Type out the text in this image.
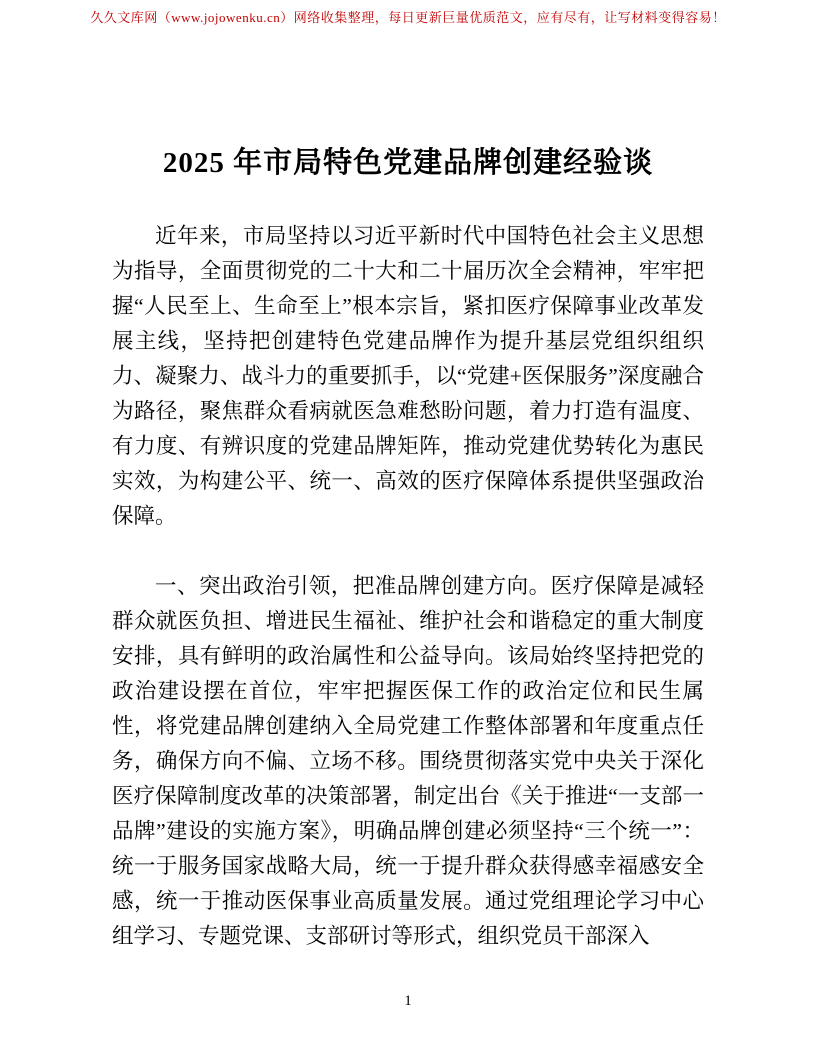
久久文库网（www.jojowenku.cn）网络收集整理，每日更新巨量优质范文，应有尽有，让写材料变得容易！
2025 年市局特色党建品牌创建经验谈

近年来，市局坚持以习近平新时代中国特色社会主义思想为指导，全面贯彻党的二十大和二十届历次全会精神，牢牢把握“人民至上、生命至上”根本宗旨，紧扣医疗保障事业改革发展主线，坚持把创建特色党建品牌作为提升基层党组织组织力、凝聚力、战斗力的重要抓手，以“党建+医保服务”深度融合为路径，聚焦群众看病就医急难愁盼问题，着力打造有温度、有力度、有辨识度的党建品牌矩阵，推动党建优势转化为惠民实效，为构建公平、统一、高效的医疗保障体系提供坚强政治保障。

一、突出政治引领，把准品牌创建方向。医疗保障是减轻群众就医负担、增进民生福祉、维护社会和谐稳定的重大制度安排，具有鲜明的政治属性和公益导向。该局始终坚持把党的政治建设摆在首位，牢牢把握医保工作的政治定位和民生属性，将党建品牌创建纳入全局党建工作整体部署和年度重点任务，确保方向不偏、立场不移。围绕贯彻落实党中央关于深化医疗保障制度改革的决策部署，制定出台《关于推进“一支部一品牌”建设的实施方案》，明确品牌创建必须坚持“三个统一”：统一于服务国家战略大局，统一于提升群众获得感幸福感安全感，统一于推动医保事业高质量发展。通过党组理论学习中心组学习、专题党课、支部研讨等形式，组织党员干部深入

1
